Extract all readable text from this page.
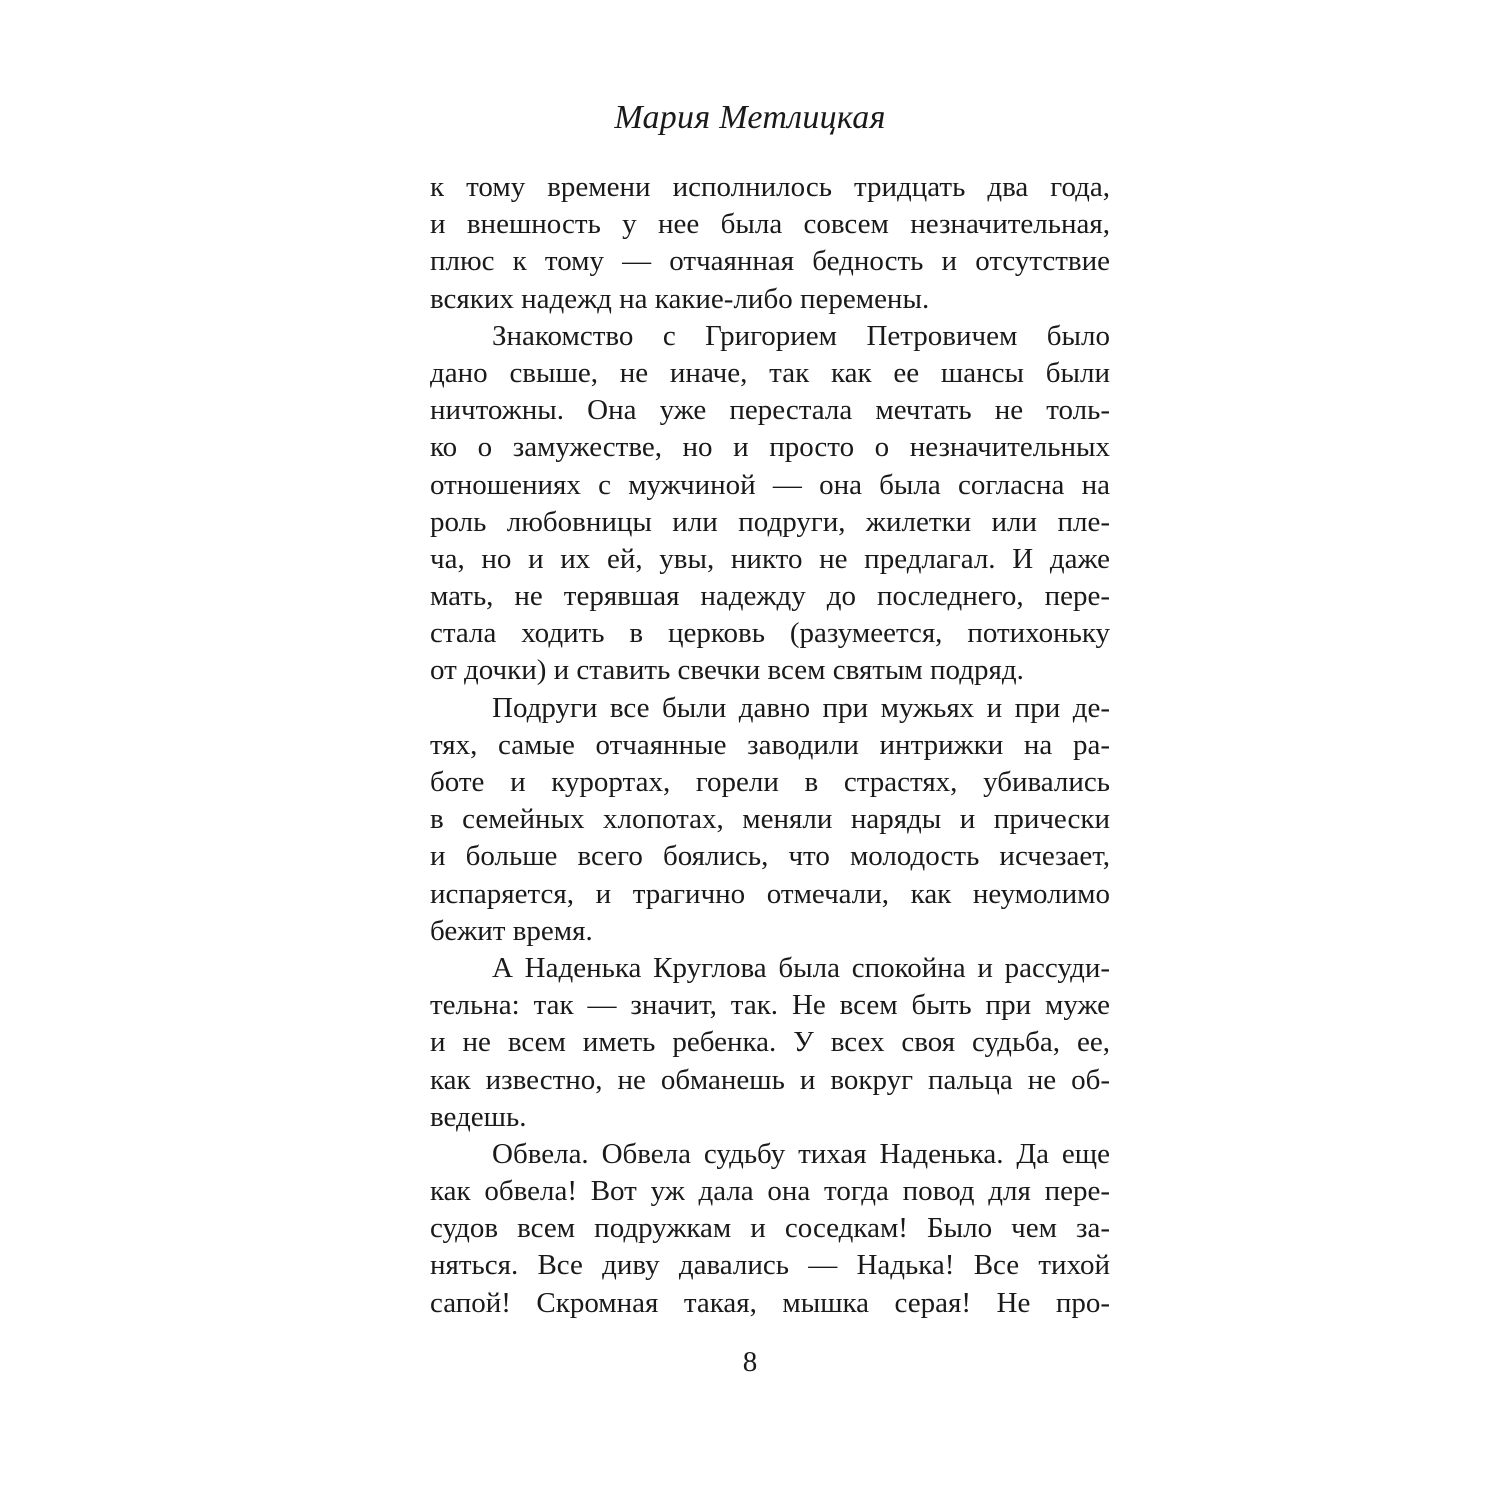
Мария Метлицкая
к тому времени исполнилось тридцать два года,
и внешность у нее была совсем незначительная,
плюс к тому — отчаянная бедность и отсутствие
всяких надежд на какие-либо перемены.
Знакомство с Григорием Петровичем было
дано свыше, не иначе, так как ее шансы были
ничтожны. Она уже перестала мечтать не толь-
ко о замужестве, но и просто о незначительных
отношениях с мужчиной — она была согласна на
роль любовницы или подруги, жилетки или пле-
ча, но и их ей, увы, никто не предлагал. И даже
мать, не терявшая надежду до последнего, пере-
стала ходить в церковь (разумеется, потихоньку
от дочки) и ставить свечки всем святым подряд.
Подруги все были давно при мужьях и при де-
тях, самые отчаянные заводили интрижки на ра-
боте и курортах, горели в страстях, убивались
в семейных хлопотах, меняли наряды и прически
и больше всего боялись, что молодость исчезает,
испаряется, и трагично отмечали, как неумолимо
бежит время.
А Наденька Круглова была спокойна и рассуди-
тельна: так — значит, так. Не всем быть при муже
и не всем иметь ребенка. У всех своя судьба, ее,
как известно, не обманешь и вокруг пальца не об-
ведешь.
Обвела. Обвела судьбу тихая Наденька. Да еще
как обвела! Вот уж дала она тогда повод для пере-
судов всем подружкам и соседкам! Было чем за-
няться. Все диву давались — Надька! Все тихой
сапой! Скромная такая, мышка серая! Не про-
8
